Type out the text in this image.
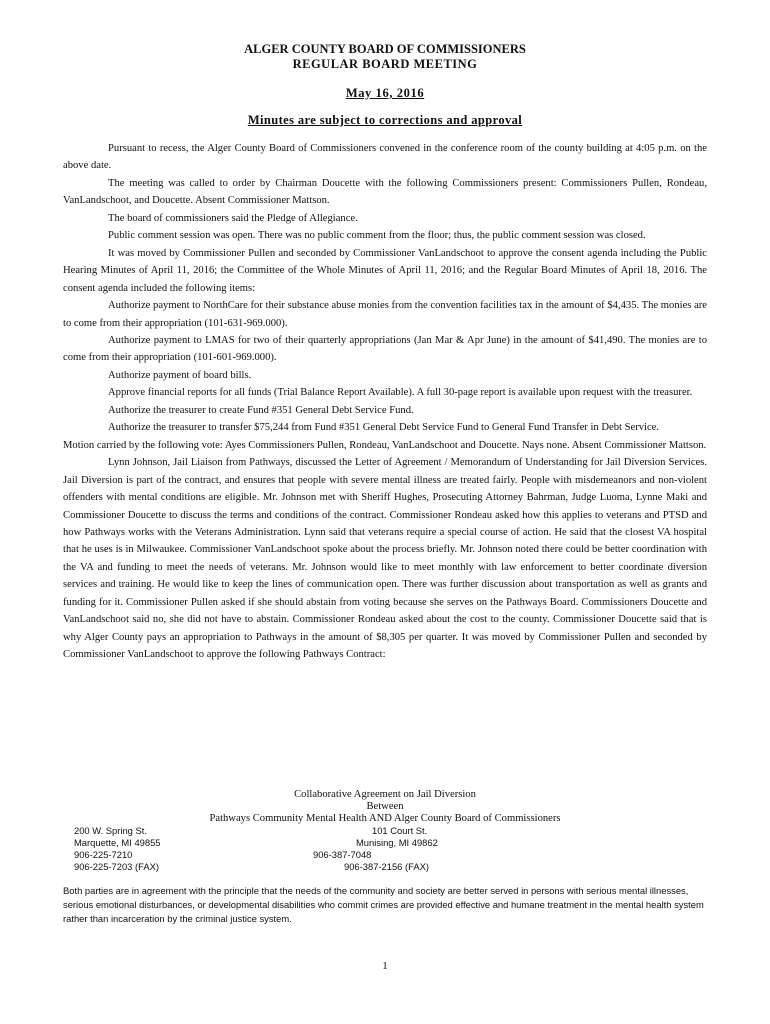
ALGER COUNTY BOARD OF COMMISSIONERS
REGULAR BOARD MEETING
May 16, 2016
Minutes are subject to corrections and approval

Pursuant to recess, the Alger County Board of Commissioners convened in the conference room of the county building at 4:05 p.m. on the above date.

The meeting was called to order by Chairman Doucette with the following Commissioners present: Commissioners Pullen, Rondeau, VanLandschoot, and Doucette. Absent Commissioner Mattson.

The board of commissioners said the Pledge of Allegiance.

Public comment session was open. There was no public comment from the floor; thus, the public comment session was closed.

It was moved by Commissioner Pullen and seconded by Commissioner VanLandschoot to approve the consent agenda including the Public Hearing Minutes of April 11, 2016; the Committee of the Whole Minutes of April 11, 2016; and the Regular Board Minutes of April 18, 2016. The consent agenda included the following items:

Authorize payment to NorthCare for their substance abuse monies from the convention facilities tax in the amount of $4,435. The monies are to come from their appropriation (101-631-969.000).

Authorize payment to LMAS for two of their quarterly appropriations (Jan Mar & Apr June) in the amount of $41,490. The monies are to come from their appropriation (101-601-969.000).

Authorize payment of board bills.

Approve financial reports for all funds (Trial Balance Report Available). A full 30-page report is available upon request with the treasurer.

Authorize the treasurer to create Fund #351 General Debt Service Fund.

Authorize the treasurer to transfer $75,244 from Fund #351 General Debt Service Fund to General Fund Transfer in Debt Service.

Motion carried by the following vote: Ayes Commissioners Pullen, Rondeau, VanLandschoot and Doucette. Nays none. Absent Commissioner Mattson.

Lynn Johnson, Jail Liaison from Pathways, discussed the Letter of Agreement / Memorandum of Understanding for Jail Diversion Services. Jail Diversion is part of the contract, and ensures that people with severe mental illness are treated fairly. People with misdemeanors and non-violent offenders with mental conditions are eligible. Mr. Johnson met with Sheriff Hughes, Prosecuting Attorney Bahrman, Judge Luoma, Lynne Maki and Commissioner Doucette to discuss the terms and conditions of the contract. Commissioner Rondeau asked how this applies to veterans and PTSD and how Pathways works with the Veterans Administration. Lynn said that veterans require a special course of action. He said that the closest VA hospital that he uses is in Milwaukee. Commissioner VanLandschoot spoke about the process briefly. Mr. Johnson noted there could be better coordination with the VA and funding to meet the needs of veterans. Mr. Johnson would like to meet monthly with law enforcement to better coordinate diversion services and training. He would like to keep the lines of communication open. There was further discussion about transportation as well as grants and funding for it. Commissioner Pullen asked if she should abstain from voting because she serves on the Pathways Board. Commissioners Doucette and VanLandschoot said no, she did not have to abstain. Commissioner Rondeau asked about the cost to the county. Commissioner Doucette said that is why Alger County pays an appropriation to Pathways in the amount of $8,305 per quarter. It was moved by Commissioner Pullen and seconded by Commissioner VanLandschoot to approve the following Pathways Contract:

Collaborative Agreement on Jail Diversion

Between

Pathways Community Mental Health AND Alger County Board of Commissioners

200 W. Spring St.
Marquette, MI 49855
906-225-7210
906-225-7203 (FAX)
101 Court St.
Munising, MI 49862
906-387-7048
906-387-2156 (FAX)

Both parties are in agreement with the principle that the needs of the community and society are better served in persons with serious mental illnesses, serious emotional disturbances, or developmental disabilities who commit crimes are provided effective and humane treatment in the mental health system rather than incarceration by the criminal justice system.

1
